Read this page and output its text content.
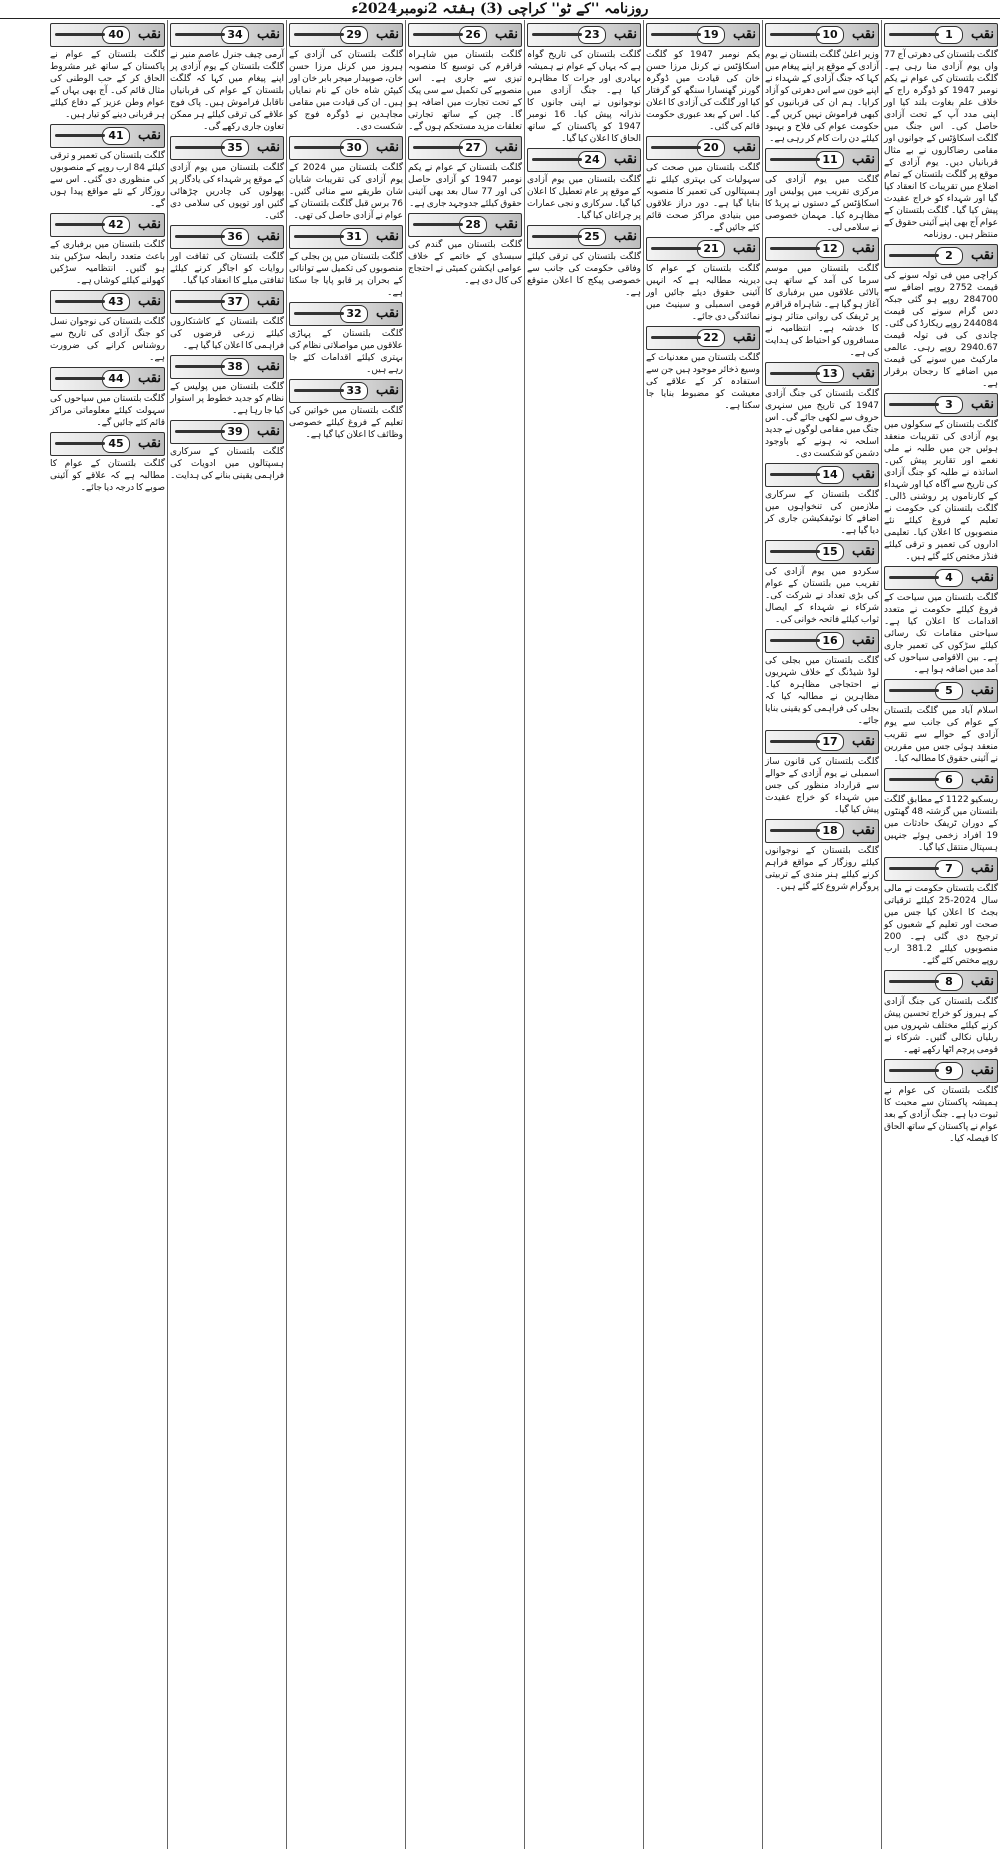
روزنامہ ''کے ٹو'' کراچی (3) ہفتہ 2نومبر2024ء
نقب
1
گلگت بلتستان کی دھرتی آج 77 واں یوم آزادی منا رہی ہے۔ گلگت بلتستان کی عوام نے یکم نومبر 1947 کو ڈوگرہ راج کے خلاف علم بغاوت بلند کیا اور اپنی مدد آپ کے تحت آزادی حاصل کی۔ اس جنگ میں گلگت اسکاؤٹس کے جوانوں اور مقامی رضاکاروں نے بے مثال قربانیاں دیں۔ یوم آزادی کے موقع پر گلگت بلتستان کے تمام اضلاع میں تقریبات کا انعقاد کیا گیا اور شہداء کو خراج عقیدت پیش کیا گیا۔ گلگت بلتستان کے عوام آج بھی اپنے آئینی حقوق کے منتظر ہیں۔ روزنامہ
نقب
2
کراچی میں فی تولہ سونے کی قیمت 2752 روپے اضافے سے 284700 روپے ہو گئی جبکہ دس گرام سونے کی قیمت 244084 روپے ریکارڈ کی گئی۔ چاندی کی فی تولہ قیمت 2940.67 روپے رہی۔ عالمی مارکیٹ میں سونے کی قیمت میں اضافے کا رجحان برقرار ہے۔
نقب
3
گلگت بلتستان کے سکولوں میں یوم آزادی کی تقریبات منعقد ہوئیں جن میں طلبہ نے ملی نغمے اور تقاریر پیش کیں۔ اساتذہ نے طلبہ کو جنگ آزادی کی تاریخ سے آگاہ کیا اور شہداء کے کارناموں پر روشنی ڈالی۔ گلگت بلتستان کی حکومت نے تعلیم کے فروغ کیلئے نئے منصوبوں کا اعلان کیا۔ تعلیمی اداروں کی تعمیر و ترقی کیلئے فنڈز مختص کئے گئے ہیں۔
نقب
4
گلگت بلتستان میں سیاحت کے فروغ کیلئے حکومت نے متعدد اقدامات کا اعلان کیا ہے۔ سیاحتی مقامات تک رسائی کیلئے سڑکوں کی تعمیر جاری ہے۔ بین الاقوامی سیاحوں کی آمد میں اضافہ ہوا ہے۔
نقب
5
اسلام آباد میں گلگت بلتستان کے عوام کی جانب سے یوم آزادی کے حوالے سے تقریب منعقد ہوئی جس میں مقررین نے آئینی حقوق کا مطالبہ کیا۔
نقب
6
ریسکیو 1122 کے مطابق گلگت بلتستان میں گزشتہ 48 گھنٹوں کے دوران ٹریفک حادثات میں 19 افراد زخمی ہوئے جنہیں ہسپتال منتقل کیا گیا۔
نقب
7
گلگت بلتستان حکومت نے مالی سال 2024-25 کیلئے ترقیاتی بجٹ کا اعلان کیا جس میں صحت اور تعلیم کے شعبوں کو ترجیح دی گئی ہے۔ 200 منصوبوں کیلئے 381.2 ارب روپے مختص کئے گئے۔
نقب
8
گلگت بلتستان کی جنگ آزادی کے ہیروز کو خراج تحسین پیش کرنے کیلئے مختلف شہروں میں ریلیاں نکالی گئیں۔ شرکاء نے قومی پرچم اٹھا رکھے تھے۔
نقب
9
گلگت بلتستان کی عوام نے ہمیشہ پاکستان سے محبت کا ثبوت دیا ہے۔ جنگ آزادی کے بعد عوام نے پاکستان کے ساتھ الحاق کا فیصلہ کیا۔
نقب
10
وزیر اعلیٰ گلگت بلتستان نے یوم آزادی کے موقع پر اپنے پیغام میں کہا کہ جنگ آزادی کے شہداء نے اپنے خون سے اس دھرتی کو آزاد کرایا۔ ہم ان کی قربانیوں کو کبھی فراموش نہیں کریں گے۔ حکومت عوام کی فلاح و بہبود کیلئے دن رات کام کر رہی ہے۔
نقب
11
گلگت میں یوم آزادی کی مرکزی تقریب میں پولیس اور اسکاؤٹس کے دستوں نے پریڈ کا مظاہرہ کیا۔ مہمان خصوصی نے سلامی لی۔
نقب
12
گلگت بلتستان میں موسم سرما کی آمد کے ساتھ ہی بالائی علاقوں میں برفباری کا آغاز ہو گیا ہے۔ شاہراہ قراقرم پر ٹریفک کی روانی متاثر ہونے کا خدشہ ہے۔ انتظامیہ نے مسافروں کو احتیاط کی ہدایت کی ہے۔
نقب
13
گلگت بلتستان کی جنگ آزادی 1947 کی تاریخ میں سنہری حروف سے لکھی جائے گی۔ اس جنگ میں مقامی لوگوں نے جدید اسلحہ نہ ہونے کے باوجود دشمن کو شکست دی۔
نقب
14
گلگت بلتستان کے سرکاری ملازمین کی تنخواہوں میں اضافے کا نوٹیفکیشن جاری کر دیا گیا ہے۔
نقب
15
سکردو میں یوم آزادی کی تقریب میں بلتستان کے عوام کی بڑی تعداد نے شرکت کی۔ شرکاء نے شہداء کے ایصال ثواب کیلئے فاتحہ خوانی کی۔
نقب
16
گلگت بلتستان میں بجلی کی لوڈ شیڈنگ کے خلاف شہریوں نے احتجاجی مظاہرہ کیا۔ مظاہرین نے مطالبہ کیا کہ بجلی کی فراہمی کو یقینی بنایا جائے۔
نقب
17
گلگت بلتستان کی قانون ساز اسمبلی نے یوم آزادی کے حوالے سے قرارداد منظور کی جس میں شہداء کو خراج عقیدت پیش کیا گیا۔
نقب
18
گلگت بلتستان کے نوجوانوں کیلئے روزگار کے مواقع فراہم کرنے کیلئے ہنر مندی کے تربیتی پروگرام شروع کئے گئے ہیں۔
نقب
19
یکم نومبر 1947 کو گلگت اسکاؤٹس نے کرنل مرزا حسن خان کی قیادت میں ڈوگرہ گورنر گھنسارا سنگھ کو گرفتار کیا اور گلگت کی آزادی کا اعلان کیا۔ اس کے بعد عبوری حکومت قائم کی گئی۔
نقب
20
گلگت بلتستان میں صحت کی سہولیات کی بہتری کیلئے نئے ہسپتالوں کی تعمیر کا منصوبہ بنایا گیا ہے۔ دور دراز علاقوں میں بنیادی مراکز صحت قائم کئے جائیں گے۔
نقب
21
گلگت بلتستان کے عوام کا دیرینہ مطالبہ ہے کہ انہیں آئینی حقوق دیئے جائیں اور قومی اسمبلی و سینیٹ میں نمائندگی دی جائے۔
نقب
22
گلگت بلتستان میں معدنیات کے وسیع ذخائر موجود ہیں جن سے استفادہ کر کے علاقے کی معیشت کو مضبوط بنایا جا سکتا ہے۔
نقب
23
گلگت بلتستان کی تاریخ گواہ ہے کہ یہاں کے عوام نے ہمیشہ بہادری اور جرات کا مظاہرہ کیا ہے۔ جنگ آزادی میں نوجوانوں نے اپنی جانوں کا نذرانہ پیش کیا۔ 16 نومبر 1947 کو پاکستان کے ساتھ الحاق کا اعلان کیا گیا۔
نقب
24
گلگت بلتستان میں یوم آزادی کے موقع پر عام تعطیل کا اعلان کیا گیا۔ سرکاری و نجی عمارات پر چراغاں کیا گیا۔
نقب
25
گلگت بلتستان کی ترقی کیلئے وفاقی حکومت کی جانب سے خصوصی پیکج کا اعلان متوقع ہے۔
نقب
26
گلگت بلتستان میں شاہراہ قراقرم کی توسیع کا منصوبہ تیزی سے جاری ہے۔ اس منصوبے کی تکمیل سے سی پیک کے تحت تجارت میں اضافہ ہو گا۔ چین کے ساتھ تجارتی تعلقات مزید مستحکم ہوں گے۔
نقب
27
گلگت بلتستان کے عوام نے یکم نومبر 1947 کو آزادی حاصل کی اور 77 سال بعد بھی آئینی حقوق کیلئے جدوجہد جاری ہے۔
نقب
28
گلگت بلتستان میں گندم کی سبسڈی کے خاتمے کے خلاف عوامی ایکشن کمیٹی نے احتجاج کی کال دی ہے۔
نقب
29
گلگت بلتستان کی آزادی کے ہیروز میں کرنل مرزا حسن خان، صوبیدار میجر بابر خان اور کیپٹن شاہ خان کے نام نمایاں ہیں۔ ان کی قیادت میں مقامی مجاہدین نے ڈوگرہ فوج کو شکست دی۔
نقب
30
گلگت بلتستان میں 2024 کے یوم آزادی کی تقریبات شایان شان طریقے سے منائی گئیں۔ 76 برس قبل گلگت بلتستان کے عوام نے آزادی حاصل کی تھی۔
نقب
31
گلگت بلتستان میں پن بجلی کے منصوبوں کی تکمیل سے توانائی کے بحران پر قابو پایا جا سکتا ہے۔
نقب
32
گلگت بلتستان کے پہاڑی علاقوں میں مواصلاتی نظام کی بہتری کیلئے اقدامات کئے جا رہے ہیں۔
نقب
33
گلگت بلتستان میں خواتین کی تعلیم کے فروغ کیلئے خصوصی وظائف کا اعلان کیا گیا ہے۔
نقب
34
آرمی چیف جنرل عاصم منیر نے گلگت بلتستان کے یوم آزادی پر اپنے پیغام میں کہا کہ گلگت بلتستان کے عوام کی قربانیاں ناقابل فراموش ہیں۔ پاک فوج علاقے کی ترقی کیلئے ہر ممکن تعاون جاری رکھے گی۔
نقب
35
گلگت بلتستان میں یوم آزادی کے موقع پر شہداء کی یادگار پر پھولوں کی چادریں چڑھائی گئیں اور توپوں کی سلامی دی گئی۔
نقب
36
گلگت بلتستان کی ثقافت اور روایات کو اجاگر کرنے کیلئے ثقافتی میلے کا انعقاد کیا گیا۔
نقب
37
گلگت بلتستان کے کاشتکاروں کیلئے زرعی قرضوں کی فراہمی کا اعلان کیا گیا ہے۔
نقب
38
گلگت بلتستان میں پولیس کے نظام کو جدید خطوط پر استوار کیا جا رہا ہے۔
نقب
39
گلگت بلتستان کے سرکاری ہسپتالوں میں ادویات کی فراہمی یقینی بنانے کی ہدایت۔
نقب
40
گلگت بلتستان کے عوام نے پاکستان کے ساتھ غیر مشروط الحاق کر کے حب الوطنی کی مثال قائم کی۔ آج بھی یہاں کے عوام وطن عزیز کے دفاع کیلئے ہر قربانی دینے کو تیار ہیں۔
نقب
41
گلگت بلتستان کی تعمیر و ترقی کیلئے 84 ارب روپے کے منصوبوں کی منظوری دی گئی۔ اس سے روزگار کے نئے مواقع پیدا ہوں گے۔
نقب
42
گلگت بلتستان میں برفباری کے باعث متعدد رابطہ سڑکیں بند ہو گئیں۔ انتظامیہ سڑکیں کھولنے کیلئے کوشاں ہے۔
نقب
43
گلگت بلتستان کی نوجوان نسل کو جنگ آزادی کی تاریخ سے روشناس کرانے کی ضرورت ہے۔
نقب
44
گلگت بلتستان میں سیاحوں کی سہولت کیلئے معلوماتی مراکز قائم کئے جائیں گے۔
نقب
45
گلگت بلتستان کے عوام کا مطالبہ ہے کہ علاقے کو آئینی صوبے کا درجہ دیا جائے۔
